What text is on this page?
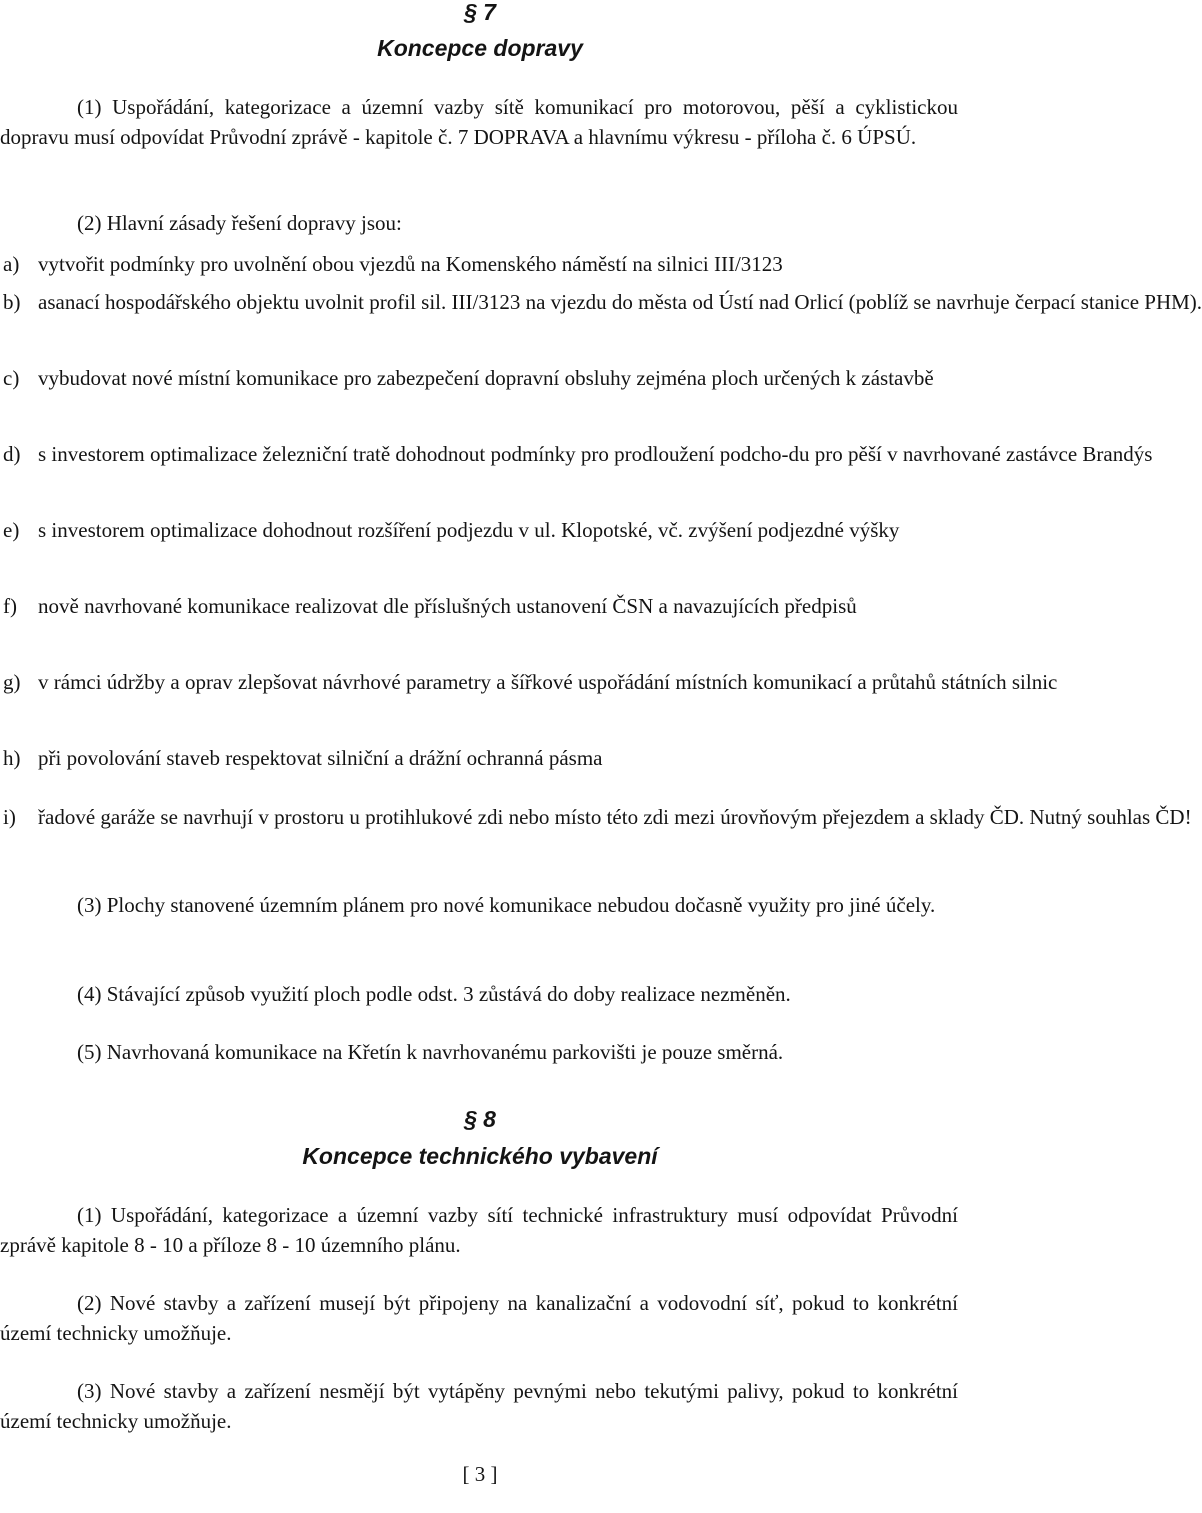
§ 7
Koncepce dopravy

(1) Uspořádání, kategorizace a územní vazby sítě komunikací pro motorovou, pěší a cyklistickou dopravu musí odpovídat Průvodní zprávě - kapitole č. 7 DOPRAVA a hlavnímu výkresu - příloha č. 6 ÚPSÚ.

(2) Hlavní zásady řešení dopravy jsou:

a) vytvořit podmínky pro uvolnění obou vjezdů na Komenského náměstí na silnici III/3123
b) asanací hospodářského objektu uvolnit profil sil. III/3123 na vjezdu do města od Ústí nad Orlicí (poblíž se navrhuje čerpací stanice PHM).
c) vybudovat nové místní komunikace pro zabezpečení dopravní obsluhy zejména ploch určených k zástavbě
d) s investorem optimalizace železniční tratě dohodnout podmínky pro prodloužení podcho-du pro pěší v navrhované zastávce Brandýs
e) s investorem optimalizace dohodnout rozšíření podjezdu v ul. Klopotské, vč. zvýšení podjezdné výšky
f) nově navrhované komunikace realizovat dle příslušných ustanovení ČSN a navazujících předpisů
g) v rámci údržby a oprav zlepšovat návrhové parametry a šířkové uspořádání místních komunikací a průtahů státních silnic
h) při povolování staveb respektovat silniční a drážní ochranná pásma
i) řadové garáže se navrhují v prostoru u protihlukové zdi nebo místo této zdi mezi úrovňovým přejezdem a sklady ČD. Nutný souhlas ČD!

(3) Plochy stanovené územním plánem pro nové komunikace nebudou dočasně využity pro jiné účely.

(4) Stávající způsob využití ploch podle odst. 3 zůstává do doby realizace nezměněn.

(5) Navrhovaná komunikace na Křetín k navrhovanému parkovišti je pouze směrná.

§ 8
Koncepce technického vybavení

(1) Uspořádání, kategorizace a územní vazby sítí technické infrastruktury musí odpovídat Průvodní zprávě kapitole 8 - 10 a příloze 8 - 10 územního plánu.

(2) Nové stavby a zařízení musejí být připojeny na kanalizační a vodovodní síť, pokud to konkrétní území technicky umožňuje.

(3) Nové stavby a zařízení nesmějí být vytápěny pevnými nebo tekutými palivy, pokud to konkrétní území technicky umožňuje.

[ 3 ]
